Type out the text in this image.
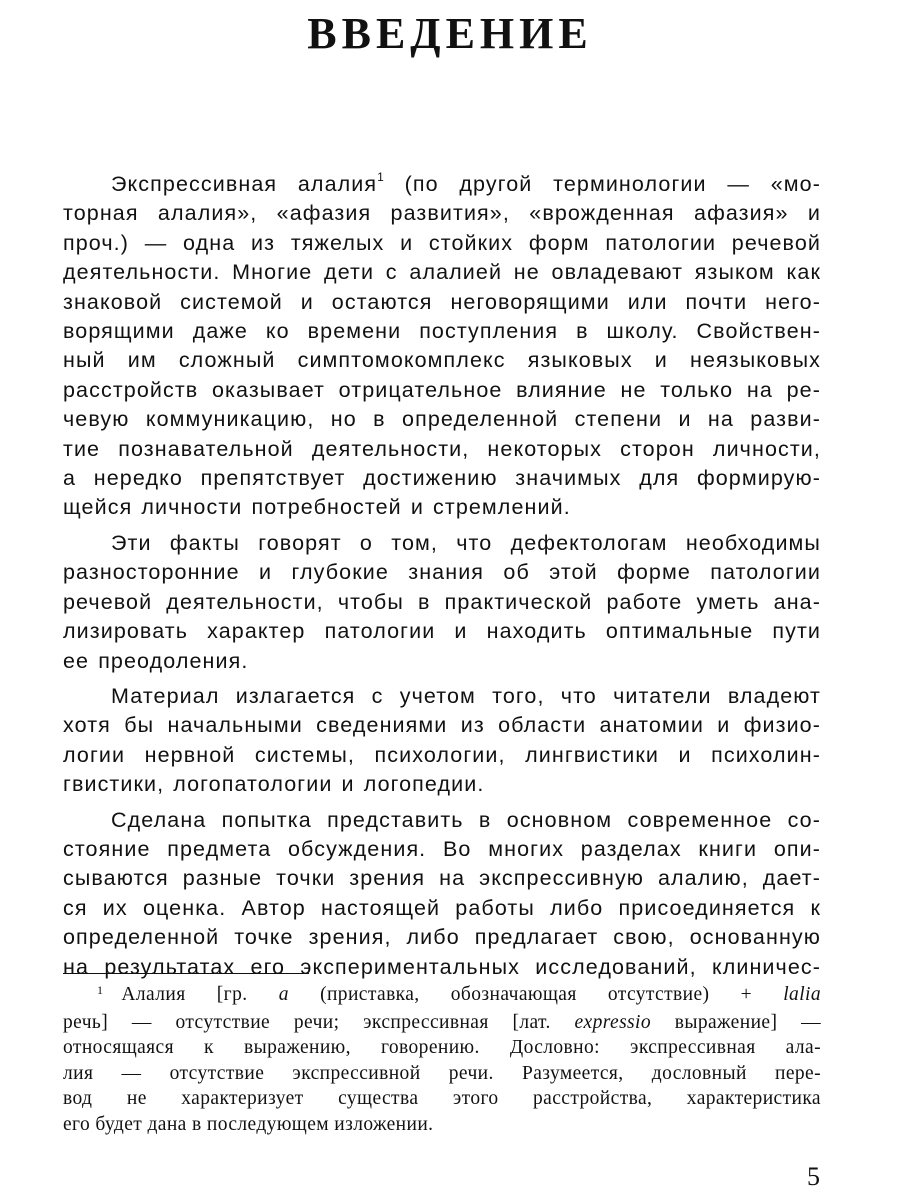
ВВЕДЕНИЕ
Экспрессивная алалия$^1$ (по другой терминологии — «мо-
торная алалия», «афазия развития», «врожденная афазия» и
проч.) — одна из тяжелых и стойких форм патологии речевой
деятельности. Многие дети с алалией не овладевают языком как
знаковой системой и остаются неговорящими или почти него-
ворящими даже ко времени поступления в школу. Свойствен-
ный им сложный симптомокомплекс языковых и неязыковых
расстройств оказывает отрицательное влияние не только на ре-
чевую коммуникацию, но в определенной степени и на разви-
тие познавательной деятельности, некоторых сторон личности,
а нередко препятствует достижению значимых для формирую-
щейся личности потребностей и стремлений.
Эти факты говорят о том, что дефектологам необходимы
разносторонние и глубокие знания об этой форме патологии
речевой деятельности, чтобы в практической работе уметь ана-
лизировать характер патологии и находить оптимальные пути
ее преодоления.
Материал излагается с учетом того, что читатели владеют
хотя бы начальными сведениями из области анатомии и физио-
логии нервной системы, психологии, лингвистики и психолин-
гвистики, логопатологии и логопедии.
Сделана попытка представить в основном современное со-
стояние предмета обсуждения. Во многих разделах книги опи-
сываются разные точки зрения на экспрессивную алалию, дает-
ся их оценка. Автор настоящей работы либо присоединяется к
определенной точке зрения, либо предлагает свою, основанную
на результатах его экспериментальных исследований, клиничес-
$^1$ Алалия [гр. a (приставка, обозначающая отсутствие) + lalia
речь] — отсутствие речи; экспрессивная [лат. expressio выражение] —
относящаяся к выражению, говорению. Дословно: экспрессивная ала-
лия — отсутствие экспрессивной речи. Разумеется, дословный пере-
вод не характеризует существа этого расстройства, характеристика
его будет дана в последующем изложении.
5
